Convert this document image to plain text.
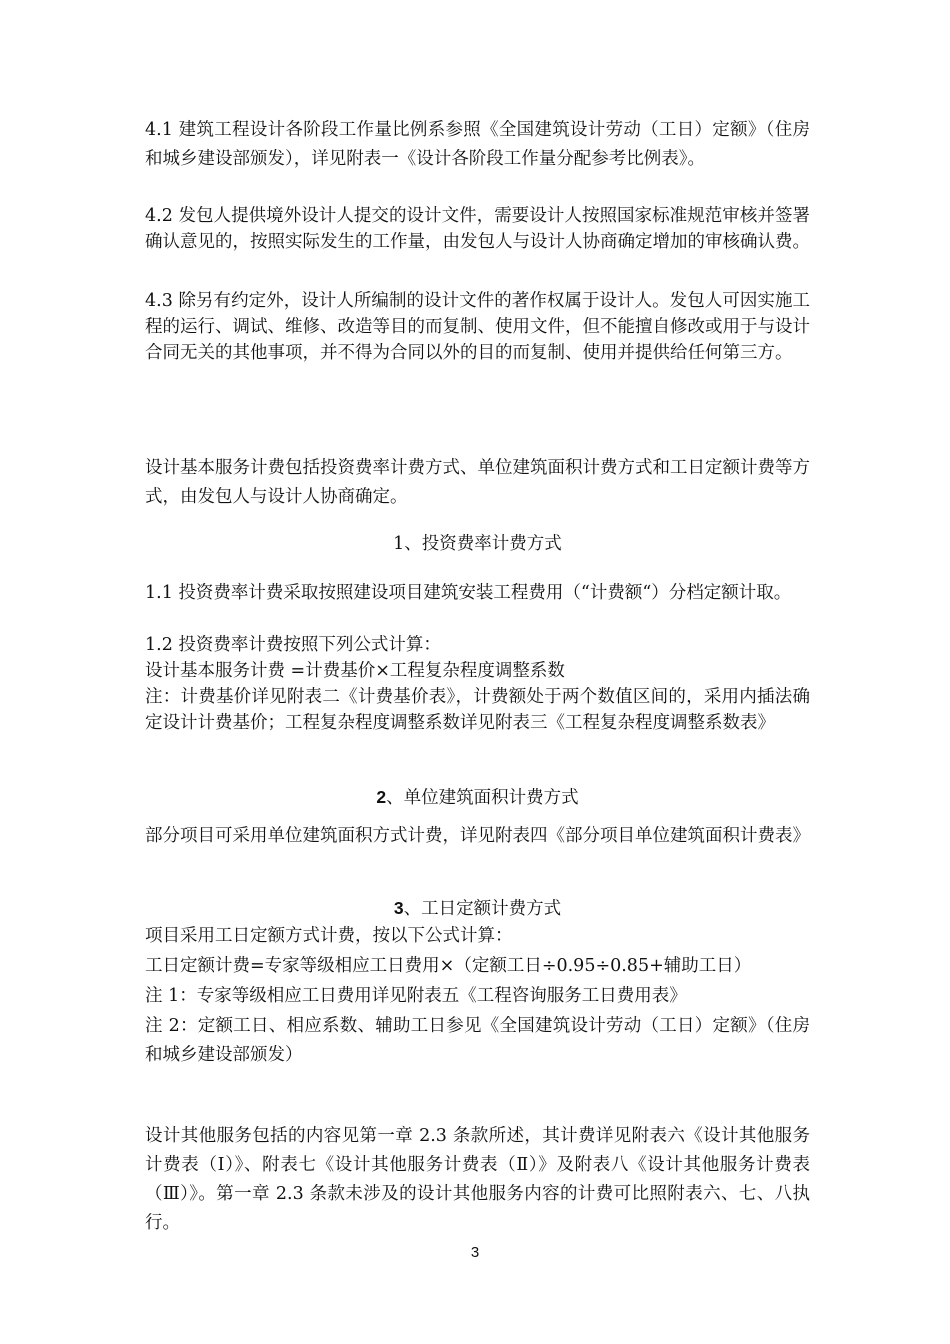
4.1 建筑工程设计各阶段工作量比例系参照《全国建筑设计劳动（工日）定额》（住房和城乡建设部颁发），详见附表一《设计各阶段工作量分配参考比例表》。

4.2 发包人提供境外设计人提交的设计文件，需要设计人按照国家标准规范审核并签署确认意见的，按照实际发生的工作量，由发包人与设计人协商确定增加的审核确认费。

4.3 除另有约定外，设计人所编制的设计文件的著作权属于设计人。发包人可因实施工程的运行、调试、维修、改造等目的而复制、使用文件，但不能擅自修改或用于与设计合同无关的其他事项，并不得为合同以外的目的而复制、使用并提供给任何第三方。

设计基本服务计费包括投资费率计费方式、单位建筑面积计费方式和工日定额计费等方式，由发包人与设计人协商确定。

1、投资费率计费方式

1.1 投资费率计费采取按照建设项目建筑安装工程费用（“计费额“）分档定额计取。

1.2 投资费率计费按照下列公式计算：

设计基本服务计费 =计费基价×工程复杂程度调整系数

注：计费基价详见附表二《计费基价表》，计费额处于两个数值区间的，采用内插法确定设计计费基价；工程复杂程度调整系数详见附表三《工程复杂程度调整系数表》

2、单位建筑面积计费方式

部分项目可采用单位建筑面积方式计费，详见附表四《部分项目单位建筑面积计费表》

3、工日定额计费方式

项目采用工日定额方式计费，按以下公式计算：

工日定额计费=专家等级相应工日费用×（定额工日÷0.95÷0.85+辅助工日）

注 1：专家等级相应工日费用详见附表五《工程咨询服务工日费用表》

注 2：定额工日、相应系数、辅助工日参见《全国建筑设计劳动（工日）定额》（住房和城乡建设部颁发）

设计其他服务包括的内容见第一章 2.3 条款所述，其计费详见附表六《设计其他服务计费表（Ⅰ）》、附表七《设计其他服务计费表（Ⅱ）》及附表八《设计其他服务计费表（Ⅲ）》。第一章 2.3 条款未涉及的设计其他服务内容的计费可比照附表六、七、八执行。

3
